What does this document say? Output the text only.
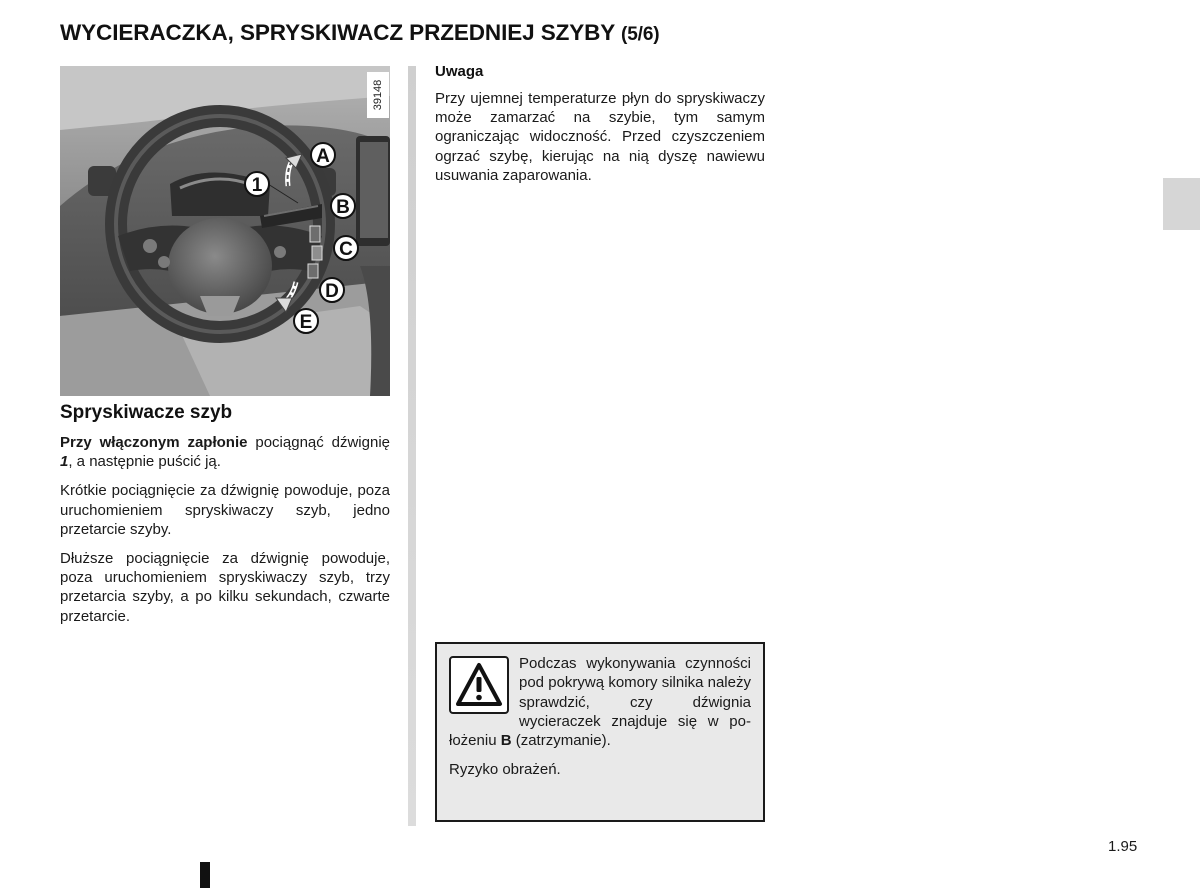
WYCIERACZKA, SPRYSKIWACZ PRZEDNIEJ SZYBY (5/6)
1
A
B
C
D
E
39148
Spryskiwacze szyb

Przy włączonym zapłonie pociągnąć dźwignię 1, a następnie puścić ją.

Krótkie pociągnięcie za dźwignię powoduje, poza uruchomieniem spryskiwaczy szyb, jedno przetarcie szyby.

Dłuższe pociągnięcie za dźwignię powoduje, poza uruchomieniem spryskiwaczy szyb, trzy przetarcia szyby, a po kilku sekundach, czwarte przetarcie.

Uwaga

Przy ujemnej temperaturze płyn do spryskiwaczy może zamarzać na szybie, tym samym ograniczając widoczność. Przed czyszczeniem ogrzać szybę, kierując na nią dyszę nawiewu usuwania zaparowania.

Podczas wykonywania czynności pod pokrywą komory silnika należy sprawdzić, czy dźwignia wycieraczek znajduje się w położeniu B (zatrzymanie).

Ryzyko obrażeń.

1.95
